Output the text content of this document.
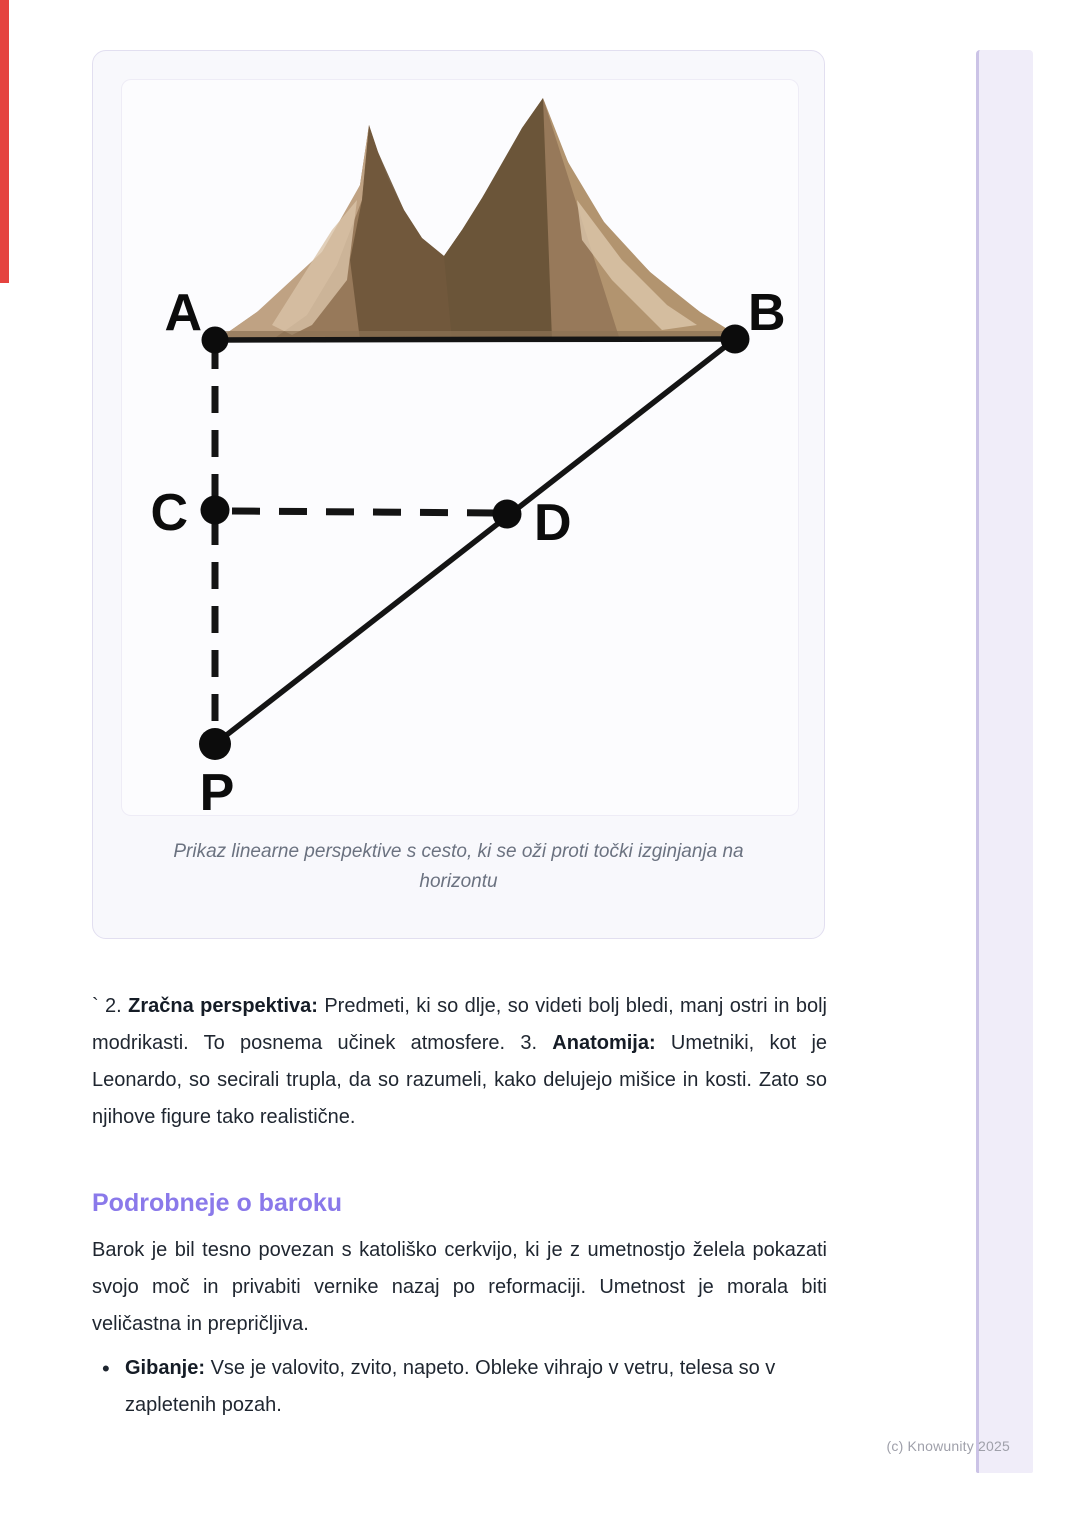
A	B
C	D
P
Prikaz linearne perspektive s cesto, ki se oži proti točki izginjanja na horizontu
` 2. Zračna perspektiva: Predmeti, ki so dlje, so videti bolj bledi, manj ostri in bolj modrikasti. To posnema učinek atmosfere. 3. Anatomija: Umetniki, kot je Leonardo, so secirali trupla, da so razumeli, kako delujejo mišice in kosti. Zato so njihove figure tako realistične.
Podrobneje o baroku
Barok je bil tesno povezan s katoliško cerkvijo, ki je z umetnostjo želela pokazati svojo moč in privabiti vernike nazaj po reformaciji. Umetnost je morala biti veličastna in prepričljiva.
• Gibanje: Vse je valovito, zvito, napeto. Obleke vihrajo v vetru, telesa so v zapletenih pozah.
(c) Knowunity 2025
